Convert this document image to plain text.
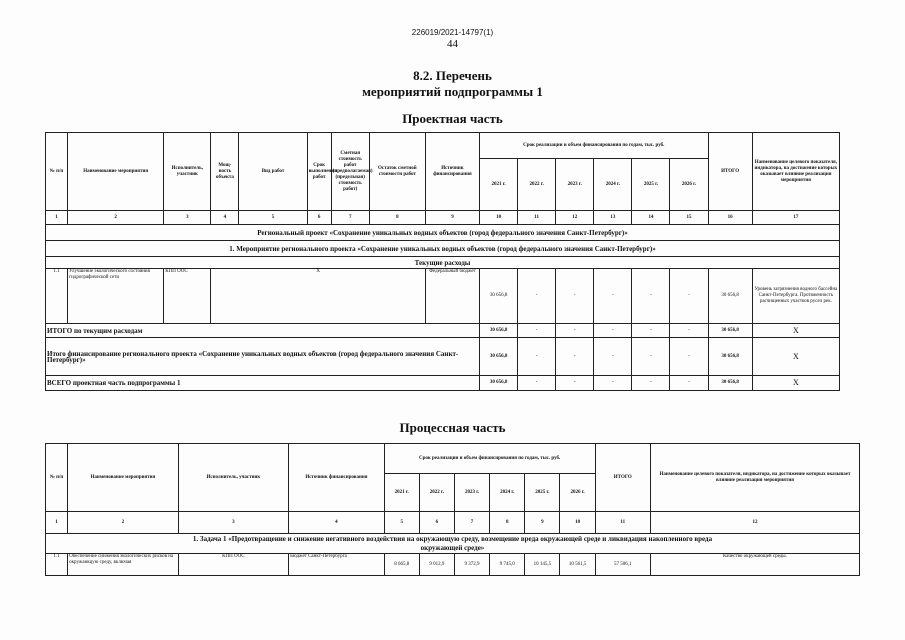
226019/2021-14797(1)
44
8.2. Перечень
мероприятий подпрограммы 1
Проектная часть
№ п/п	Наименование мероприятия	Исполнитель, участник	Мощ-ность объекта	Вид работ	Срок выполнения работ	Сметная стоимость работ (предполагаемая) (предельная) стоимость работ)	Остаток сметной стоимости работ	Источник финансирования	Срок реализации и объем финансирования по годам, тыс. руб.						ИТОГО	Наименование целевого показателя, индикатора, на достижение которых оказывает влияние реализация мероприятия
									2021 г.	2022 г.	2023 г.	2024 г.	2025 г.	2026 г.		
1	2	3	4	5	6	7	8	9	10	11	12	13	14	15	16	17
Региональный проект «Сохранение уникальных водных объектов (город федерального значения Санкт-Петербург)»																
1. Мероприятие регионального проекта «Сохранение уникальных водных объектов (город федерального значения Санкт-Петербург)»																
Текущие расходы																
1.1	Улучшение экологического состояния гидрографической сети	КПП ООС	Х					Федеральный бюджет	30 656,8	-	-	-	-	-	30 656,8	Уровень загрязнения водного бассейна Санкт-Петербурга. Протяженность расчищенных участков русел рек.
ИТОГО по текущим расходам									30 656,8	-	-	-	-	-	30 656,8	Х
Итого финансирование регионального проекта «Сохранение уникальных водных объектов (город федерального значения Санкт-Петербург)»									30 656,8	-	-	-	-	-	30 656,8	Х
ВСЕГО проектная часть подпрограммы 1									30 656,8	-	-	-	-	-	30 656,8	Х
Процессная часть
№ п/п	Наименование мероприятия	Исполнитель, участник	Источник финансирования	Срок реализации и объем финансирования по годам, тыс. руб.						ИТОГО	Наименование целевого показателя, индикатора, на достижение которых оказывает влияние реализация мероприятия
				2021 г.	2022 г.	2023 г.	2024 г.	2025 г.	2026 г.		
1	2	3	4	5	6	7	8	9	10	11	12
1. Задача 1 «Предотвращение и снижение негативного воздействия на окружающую среду, возмещение вреда окружающей среде и ликвидация накопленного вреда окружающей среде»											
1.1	Обеспечение снижения экологических рисков на окружающую среду, включая	КПП ООС	Бюджет Санкт-Петербурга	8 665,8	9 012,9	9 372,9	9 745,0	10 145,5	10 561,5	57 506,1	Качество окружающей среды.
